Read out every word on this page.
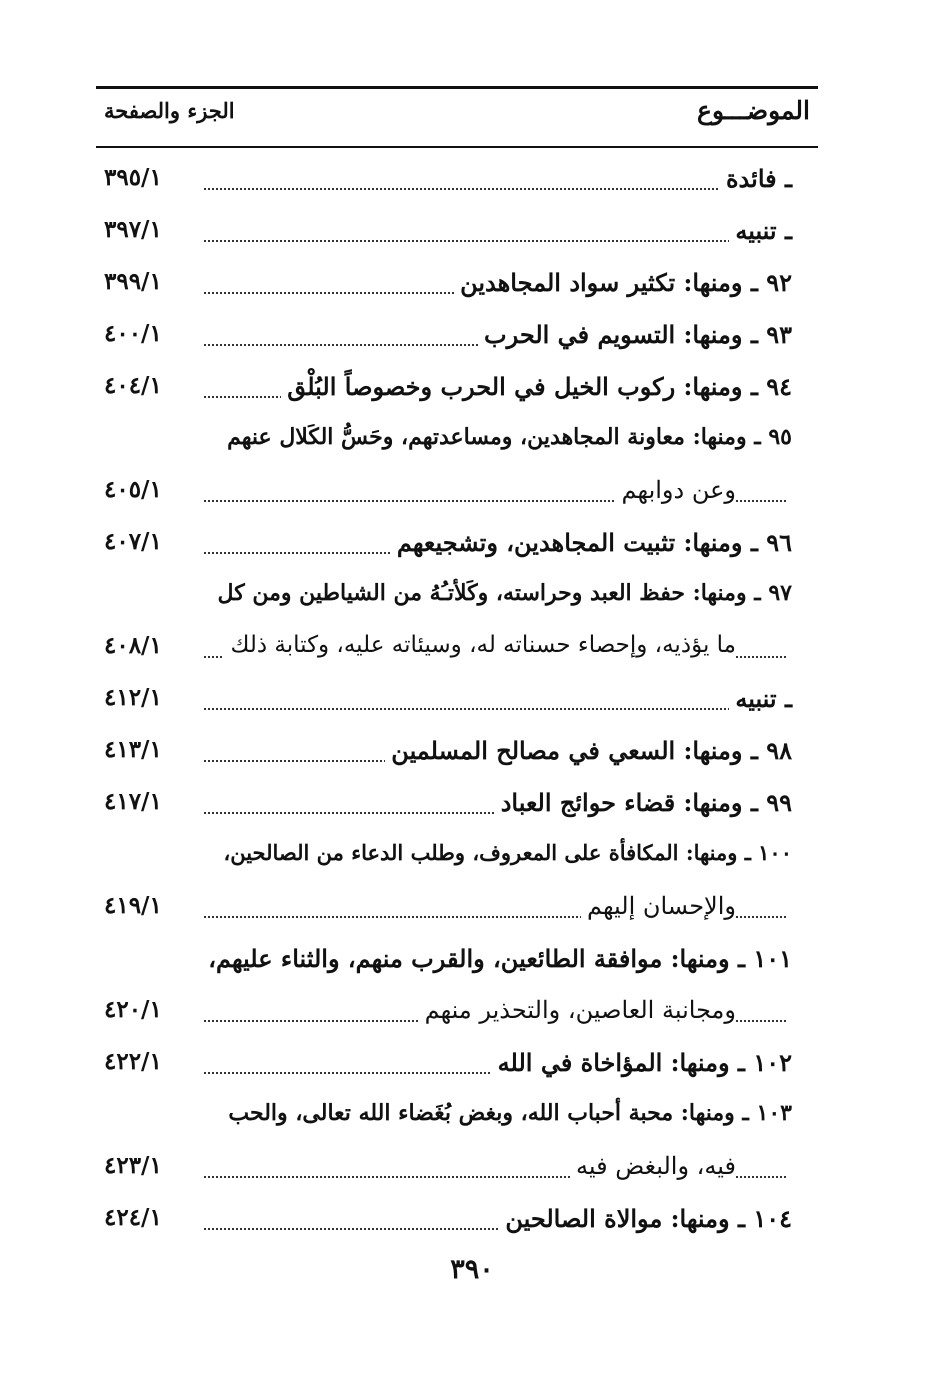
الموضـــوع
الجزء والصفحة
ـ فائدة
٣٩٥/١
ـ تنبيه
٣٩٧/١
٩٢ ـ ومنها: تكثير سواد المجاهدين
٣٩٩/١
٩٣ ـ ومنها: التسويم في الحرب
٤٠٠/١
٩٤ ـ ومنها: ركوب الخيل في الحرب وخصوصاً البُلْق
٤٠٤/١
٩٥ ـ ومنها: معاونة المجاهدين، ومساعدتهم، وحَسُّ الكَلال عنهم
وعن دوابهم
٤٠٥/١
٩٦ ـ ومنها: تثبيت المجاهدين، وتشجيعهم
٤٠٧/١
٩٧ ـ ومنها: حفظ العبد وحراسته، وكَلأتـُهُ من الشياطين ومن كل
ما يؤذيه، وإحصاء حسناته له، وسيئاته عليه، وكتابة ذلك
٤٠٨/١
ـ تنبيه
٤١٢/١
٩٨ ـ ومنها: السعي في مصالح المسلمين
٤١٣/١
٩٩ ـ ومنها: قضاء حوائج العباد
٤١٧/١
١٠٠ ـ ومنها: المكافأة على المعروف، وطلب الدعاء من الصالحين،
والإحسان إليهم
٤١٩/١
١٠١ ـ ومنها: موافقة الطائعين، والقرب منهم، والثناء عليهم،
ومجانبة العاصين، والتحذير منهم
٤٢٠/١
١٠٢ ـ ومنها: المؤاخاة في الله
٤٢٢/١
١٠٣ ـ ومنها: محبة أحباب الله، وبغض بُغَضاء الله تعالى، والحب
فيه، والبغض فيه
٤٢٣/١
١٠٤ ـ ومنها: موالاة الصالحين
٤٢٤/١
٣٩٠
